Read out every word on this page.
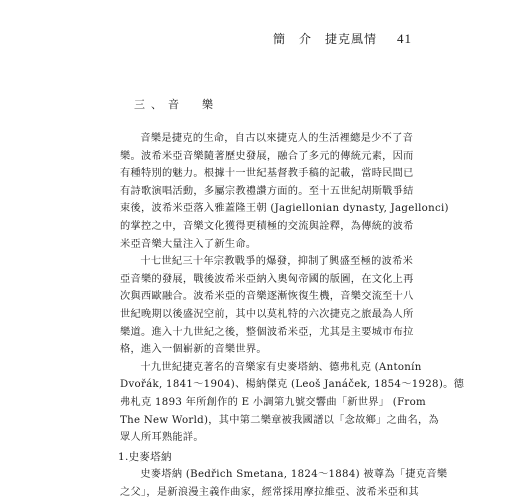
簡　介　捷克風情 41
三、音　樂

音樂是捷克的生命，自古以來捷克人的生活裡總是少不了音
樂。波希米亞音樂隨著歷史發展，融合了多元的傳統元素，因而
有種特別的魅力。根據十一世紀基督教手稿的記載，當時民間已
有詩歌演唱活動，多屬宗教禮讚方面的。至十五世紀胡斯戰爭結
束後，波希米亞落入雅蓋隆王朝 (Jagiellonian dynasty, Jagellonci)
的掌控之中，音樂文化獲得更積極的交流與詮釋，為傳統的波希
米亞音樂大量注入了新生命。

十七世紀三十年宗教戰爭的爆發，抑制了興盛至極的波希米
亞音樂的發展，戰後波希米亞納入奧匈帝國的版圖，在文化上再
次與西歐融合。波希米亞的音樂逐漸恢復生機，音樂交流至十八
世紀晚期以後盛況空前，其中以莫札特的六次捷克之旅最為人所
樂道。進入十九世紀之後，整個波希米亞，尤其是主要城市布拉
格，進入一個嶄新的音樂世界。

十九世紀捷克著名的音樂家有史麥塔納、德弗札克 (Antonín
Dvořák, 1841～1904)、楊納傑克 (Leoš Janáček, 1854～1928)。德
弗札克 1893 年所創作的 E 小調第九號交響曲「新世界」 (From
The New World)，其中第二樂章被我國譜以「念故鄉」之曲名，為
眾人所耳熟能詳。

1.史麥塔納

史麥塔納 (Bedřich Smetana, 1824～1884) 被尊為「捷克音樂
之父」，是新浪漫主義作曲家，經常採用摩拉維亞、波希米亞和其
